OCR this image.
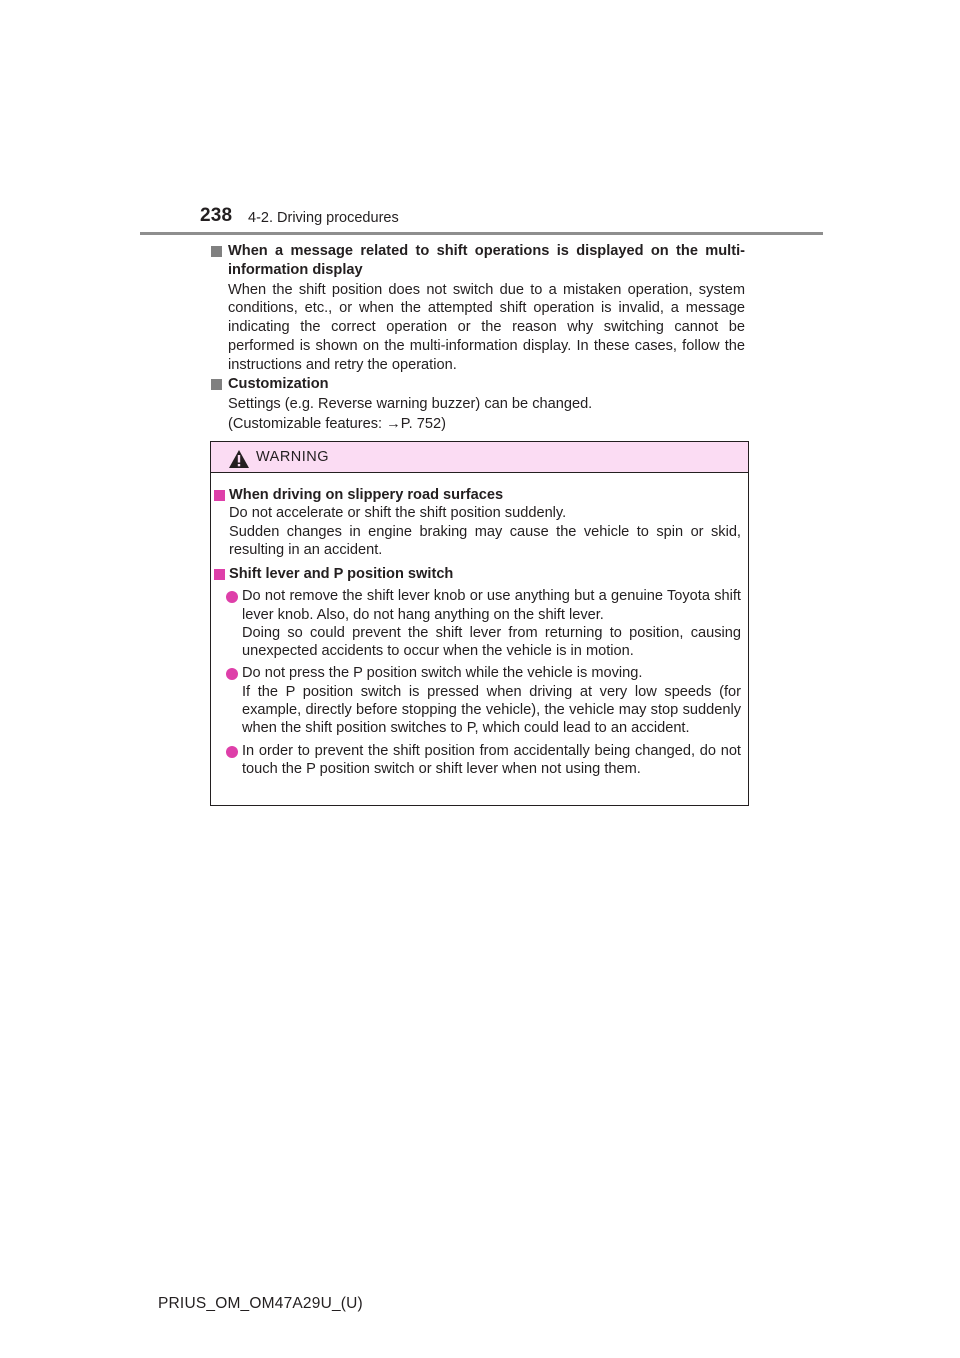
238 4-2. Driving procedures
When a message related to shift operations is displayed on the multi-information display
When the shift position does not switch due to a mistaken operation, system conditions, etc., or when the attempted shift operation is invalid, a message indicating the correct operation or the reason why switching cannot be performed is shown on the multi-information display. In these cases, follow the instructions and retry the operation.
Customization
Settings (e.g. Reverse warning buzzer) can be changed.
(Customizable features: →P. 752)
WARNING
When driving on slippery road surfaces
Do not accelerate or shift the shift position suddenly.
Sudden changes in engine braking may cause the vehicle to spin or skid, resulting in an accident.
Shift lever and P position switch
Do not remove the shift lever knob or use anything but a genuine Toyota shift lever knob. Also, do not hang anything on the shift lever.
Doing so could prevent the shift lever from returning to position, causing unexpected accidents to occur when the vehicle is in motion.
Do not press the P position switch while the vehicle is moving.
If the P position switch is pressed when driving at very low speeds (for example, directly before stopping the vehicle), the vehicle may stop suddenly when the shift position switches to P, which could lead to an accident.
In order to prevent the shift position from accidentally being changed, do not touch the P position switch or shift lever when not using them.
PRIUS_OM_OM47A29U_(U)
